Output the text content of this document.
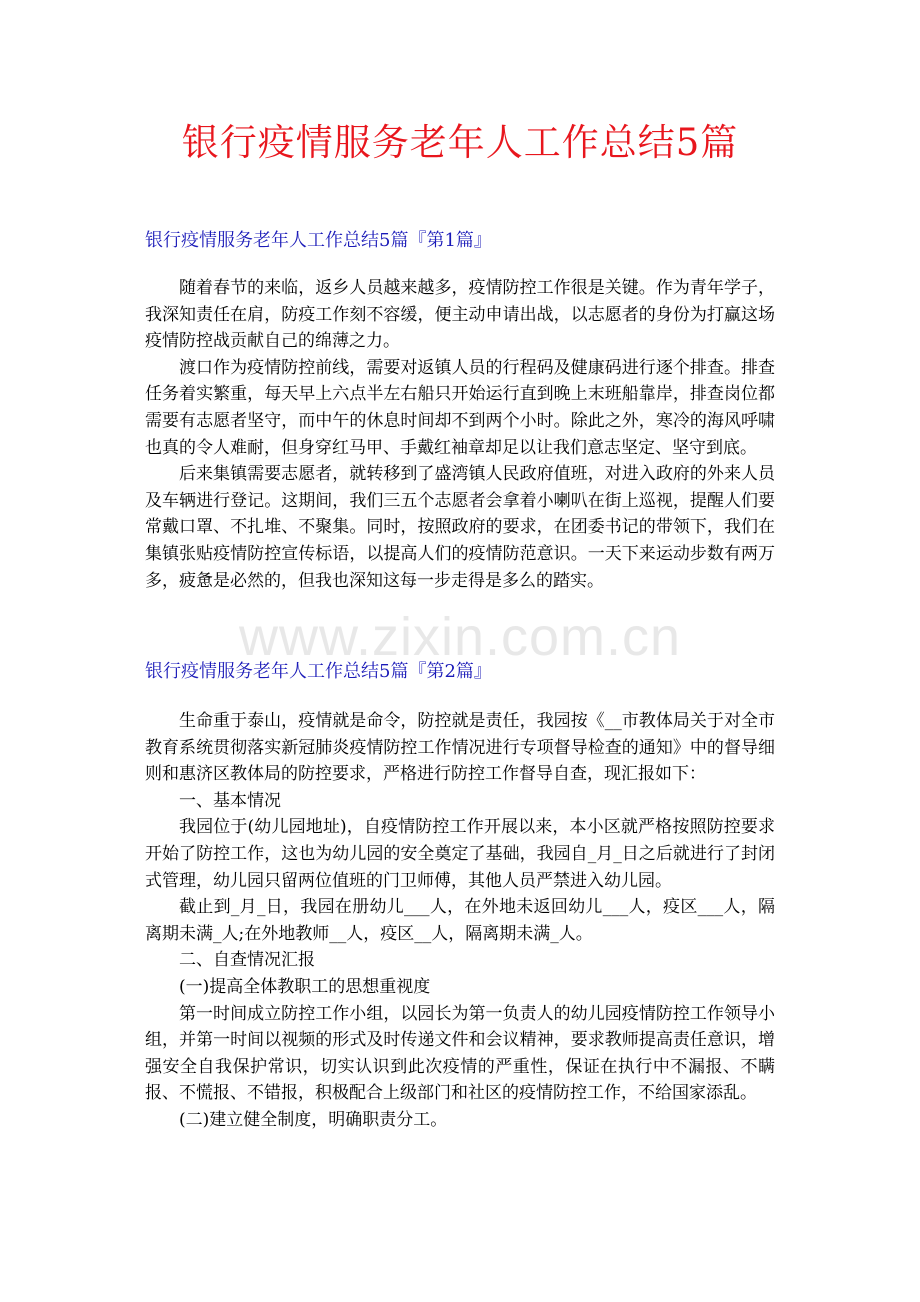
银行疫情服务老年人工作总结5篇
www.zixin.com.cn
银行疫情服务老年人工作总结5篇『第1篇』

随着春节的来临，返乡人员越来越多，疫情防控工作很是关键。作为青年学子，我深知责任在肩，防疫工作刻不容缓，便主动申请出战，以志愿者的身份为打赢这场疫情防控战贡献自己的绵薄之力。

渡口作为疫情防控前线，需要对返镇人员的行程码及健康码进行逐个排查。排查任务着实繁重，每天早上六点半左右船只开始运行直到晚上末班船靠岸，排查岗位都需要有志愿者坚守，而中午的休息时间却不到两个小时。除此之外，寒冷的海风呼啸也真的令人难耐，但身穿红马甲、手戴红袖章却足以让我们意志坚定、坚守到底。

后来集镇需要志愿者，就转移到了盛湾镇人民政府值班，对进入政府的外来人员及车辆进行登记。这期间，我们三五个志愿者会拿着小喇叭在街上巡视，提醒人们要常戴口罩、不扎堆、不聚集。同时，按照政府的要求，在团委书记的带领下，我们在集镇张贴疫情防控宣传标语，以提高人们的疫情防范意识。一天下来运动步数有两万多，疲惫是必然的，但我也深知这每一步走得是多么的踏实。

银行疫情服务老年人工作总结5篇『第2篇』

生命重于泰山，疫情就是命令，防控就是责任，我园按《__市教体局关于对全市教育系统贯彻落实新冠肺炎疫情防控工作情况进行专项督导检查的通知》中的督导细则和惠济区教体局的防控要求，严格进行防控工作督导自查，现汇报如下：

一、基本情况

我园位于(幼儿园地址)，自疫情防控工作开展以来，本小区就严格按照防控要求开始了防控工作，这也为幼儿园的安全奠定了基础，我园自_月_日之后就进行了封闭式管理，幼儿园只留两位值班的门卫师傅，其他人员严禁进入幼儿园。

截止到_月_日，我园在册幼儿___人，在外地未返回幼儿___人，疫区___人，隔离期未满_人;在外地教师__人，疫区__人，隔离期未满_人。

二、自查情况汇报

(一)提高全体教职工的思想重视度

第一时间成立防控工作小组，以园长为第一负责人的幼儿园疫情防控工作领导小组，并第一时间以视频的形式及时传递文件和会议精神，要求教师提高责任意识，增强安全自我保护常识，切实认识到此次疫情的严重性，保证在执行中不漏报、不瞒报、不慌报、不错报，积极配合上级部门和社区的疫情防控工作，不给国家添乱。

(二)建立健全制度，明确职责分工。
